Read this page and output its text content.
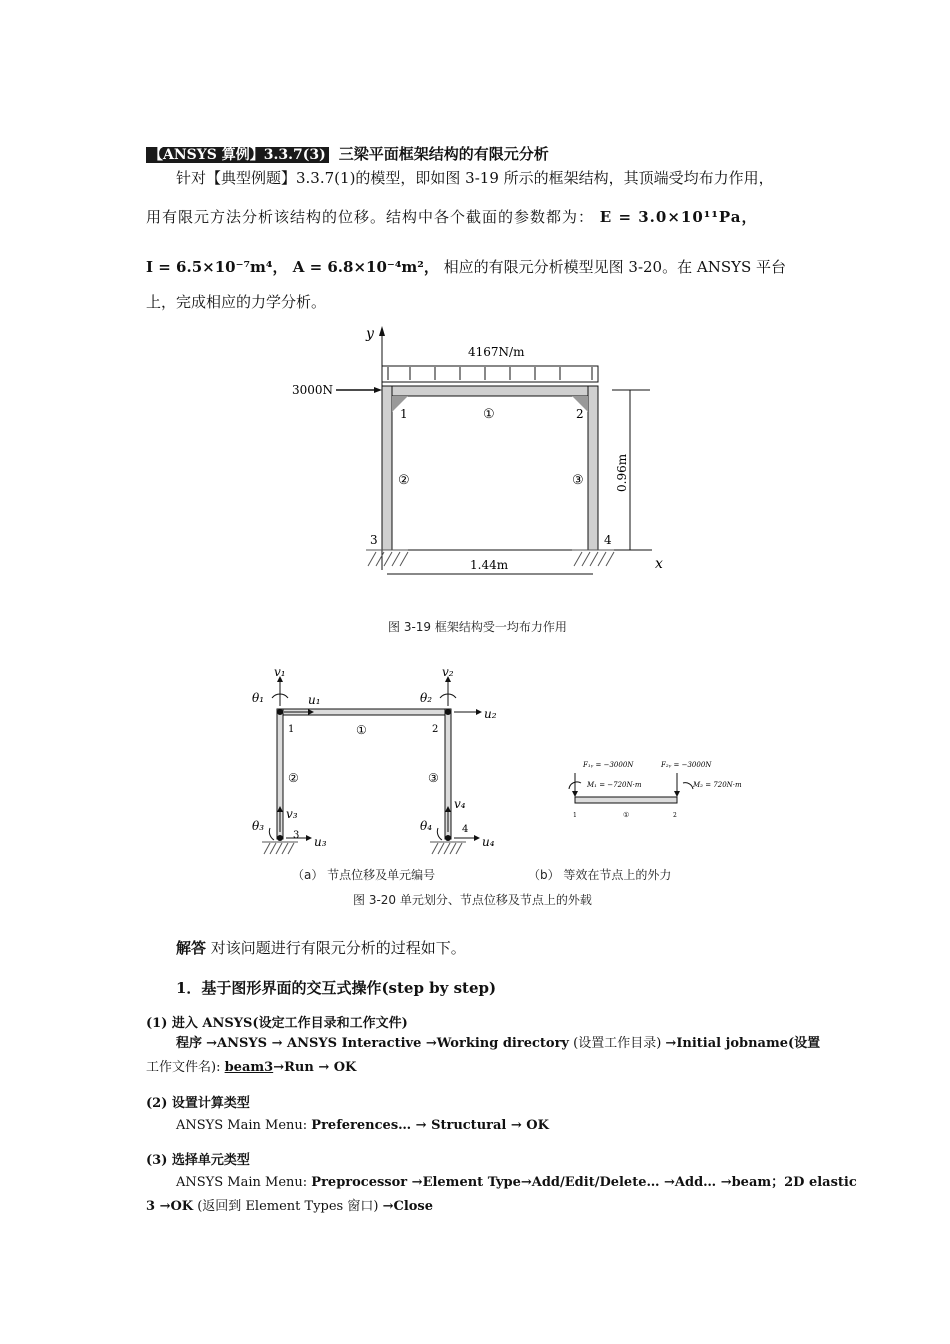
【ANSYS 算例】3.3.7(3) 三梁平面框架结构的有限元分析
针对【典型例题】3.3.7(1)的模型，即如图 3-19 所示的框架结构，其顶端受均布力作用，
用有限元方法分析该结构的位移。结构中各个截面的参数都为： E = 3.0×10¹¹Pa，
I = 6.5×10⁻⁷m⁴， A = 6.8×10⁻⁴m²， 相应的有限元分析模型见图 3-20。在 ANSYS 平台
上，完成相应的力学分析。
y
x
4167N/m
3000N
1	2
3	4
①
②	③	0.96m
1.44m
图 3-19 框架结构受一均布力作用
v₁
u₁
θ₁
v₂
u₂
θ₂
v₃
u₃
θ₃
v₄
u₄
θ₄
1	2
3
4
①
②	③
F₁ᵧ = −3000N	F₂ᵧ = −3000N
M₁ = −720N·m	M₂ = 720N·m
1	2
①
（a） 节点位移及单元编号	（b） 等效在节点上的外力
图 3-20 单元划分、节点位移及节点上的外载
解答 对该问题进行有限元分析的过程如下。
1．基于图形界面的交互式操作(step by step)
(1) 进入 ANSYS(设定工作目录和工作文件)
程序 →ANSYS → ANSYS Interactive →Working directory (设置工作目录) →Initial jobname(设置
工作文件名): beam3→Run → OK
(2) 设置计算类型
ANSYS Main Menu: Preferences… → Structural → OK
(3) 选择单元类型
ANSYS Main Menu: Preprocessor →Element Type→Add/Edit/Delete… →Add… →beam；2D elastic
3 →OK (返回到 Element Types 窗口) →Close
